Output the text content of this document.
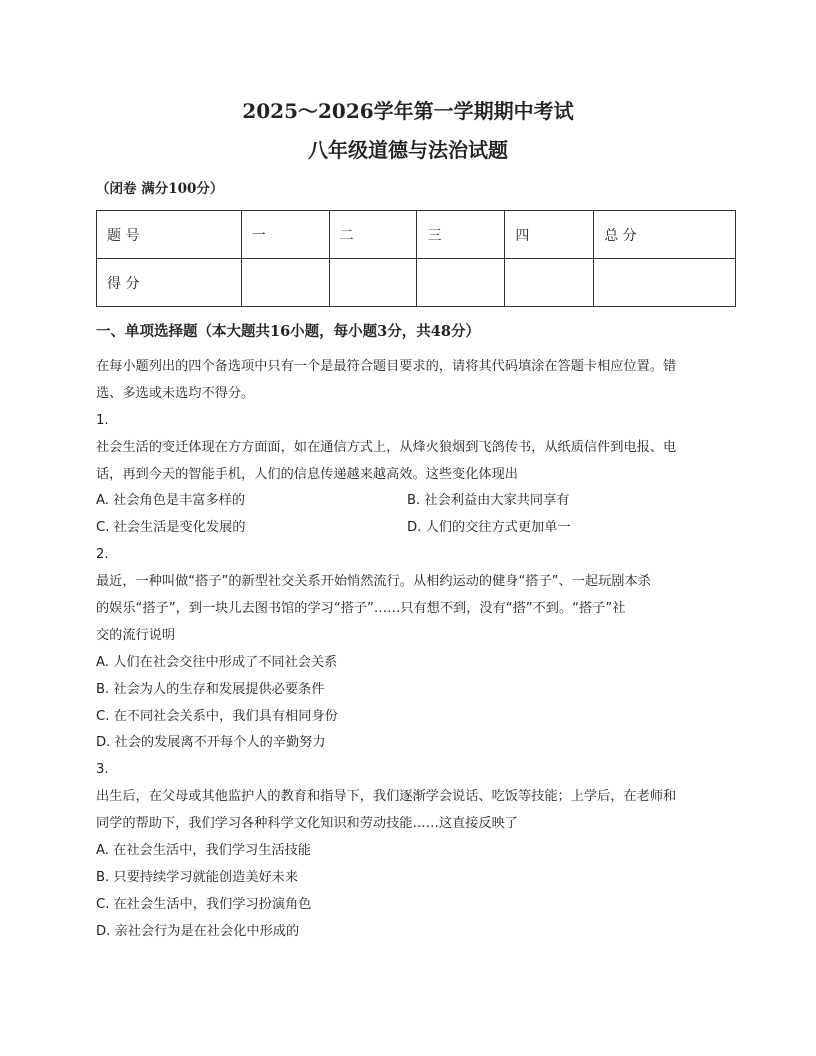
2025～2026学年第一学期期中考试
八年级道德与法治试题
（闭卷 满分100分）
题 号	一	二	三	四	总 分
得 分					
一、单项选择题（本大题共16小题，每小题3分，共48分）
在每小题列出的四个备选项中只有一个是最符合题目要求的，请将其代码填涂在答题卡相应位置。错
选、多选或未选均不得分。
1.
社会生活的变迁体现在方方面面，如在通信方式上，从烽火狼烟到飞鸽传书，从纸质信件到电报、电
话，再到今天的智能手机，人们的信息传递越来越高效。这些变化体现出
A. 社会角色是丰富多样的	B. 社会利益由大家共同享有
C. 社会生活是变化发展的	D. 人们的交往方式更加单一
2.
最近，一种叫做“搭子”的新型社交关系开始悄然流行。从相约运动的健身“搭子”、一起玩剧本杀
的娱乐“搭子”，到一块儿去图书馆的学习“搭子”……只有想不到，没有“搭”不到。“搭子”社
交的流行说明
A. 人们在社会交往中形成了不同社会关系
B. 社会为人的生存和发展提供必要条件
C. 在不同社会关系中，我们具有相同身份
D. 社会的发展离不开每个人的辛勤努力
3.
出生后，在父母或其他监护人的教育和指导下，我们逐渐学会说话、吃饭等技能；上学后，在老师和
同学的帮助下，我们学习各种科学文化知识和劳动技能……这直接反映了
A. 在社会生活中，我们学习生活技能
B. 只要持续学习就能创造美好未来
C. 在社会生活中，我们学习扮演角色
D. 亲社会行为是在社会化中形成的
